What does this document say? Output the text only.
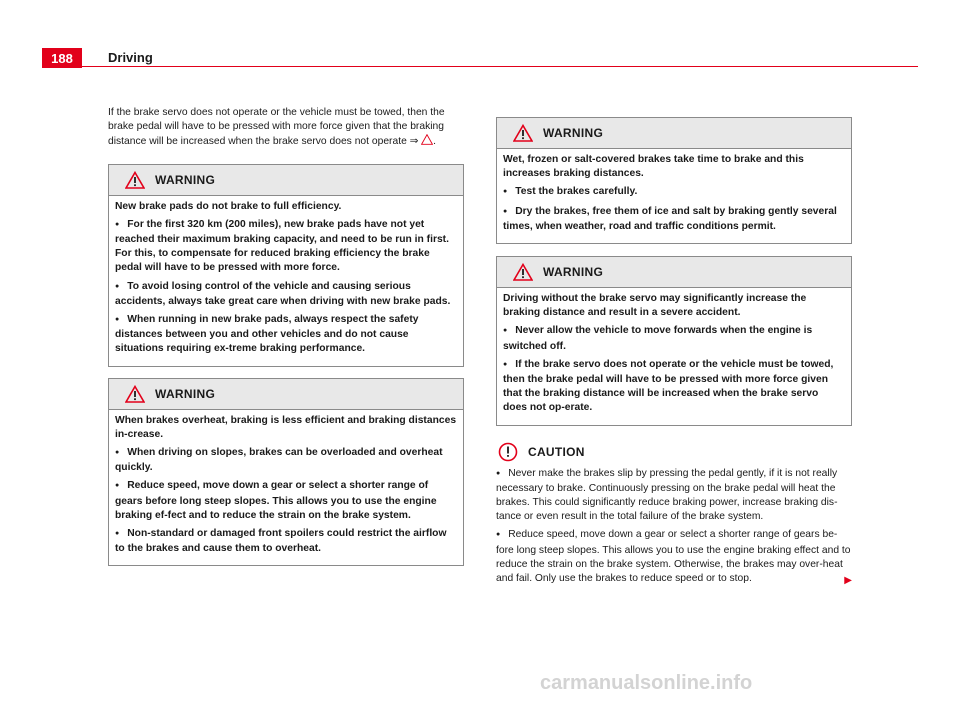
188	Driving

If the brake servo does not operate or the vehicle must be towed, then the brake pedal will have to be pressed with more force given that the braking distance will be increased when the brake servo does not operate ⇒ .

WARNING

New brake pads do not brake to full efficiency.

● For the first 320 km (200 miles), new brake pads have not yet reached their maximum braking capacity, and need to be run in first. For this, to compensate for reduced braking efficiency the brake pedal will have to be pressed with more force.

● To avoid losing control of the vehicle and causing serious accidents, always take great care when driving with new brake pads.

● When running in new brake pads, always respect the safety distances between you and other vehicles and do not cause situations requiring ex-treme braking performance.

WARNING

When brakes overheat, braking is less efficient and braking distances in-crease.

● When driving on slopes, brakes can be overloaded and overheat quickly.

● Reduce speed, move down a gear or select a shorter range of gears before long steep slopes. This allows you to use the engine braking ef-fect and to reduce the strain on the brake system.

● Non-standard or damaged front spoilers could restrict the airflow to the brakes and cause them to overheat.

WARNING

Wet, frozen or salt-covered brakes take time to brake and this increases braking distances.

● Test the brakes carefully.

● Dry the brakes, free them of ice and salt by braking gently several times, when weather, road and traffic conditions permit.

WARNING

Driving without the brake servo may significantly increase the braking distance and result in a severe accident.

● Never allow the vehicle to move forwards when the engine is switched off.

● If the brake servo does not operate or the vehicle must be towed, then the brake pedal will have to be pressed with more force given that the braking distance will be increased when the brake servo does not op-erate.

CAUTION

● Never make the brakes slip by pressing the pedal gently, if it is not really necessary to brake. Continuously pressing on the brake pedal will heat the brakes. This could significantly reduce braking power, increase braking dis-tance or even result in the total failure of the brake system.

● Reduce speed, move down a gear or select a shorter range of gears be-fore long steep slopes. This allows you to use the engine braking effect and to reduce the strain on the brake system. Otherwise, the brakes may over-heat and fail. Only use the brakes to reduce speed or to stop.	▶

carmanualsonline.info
